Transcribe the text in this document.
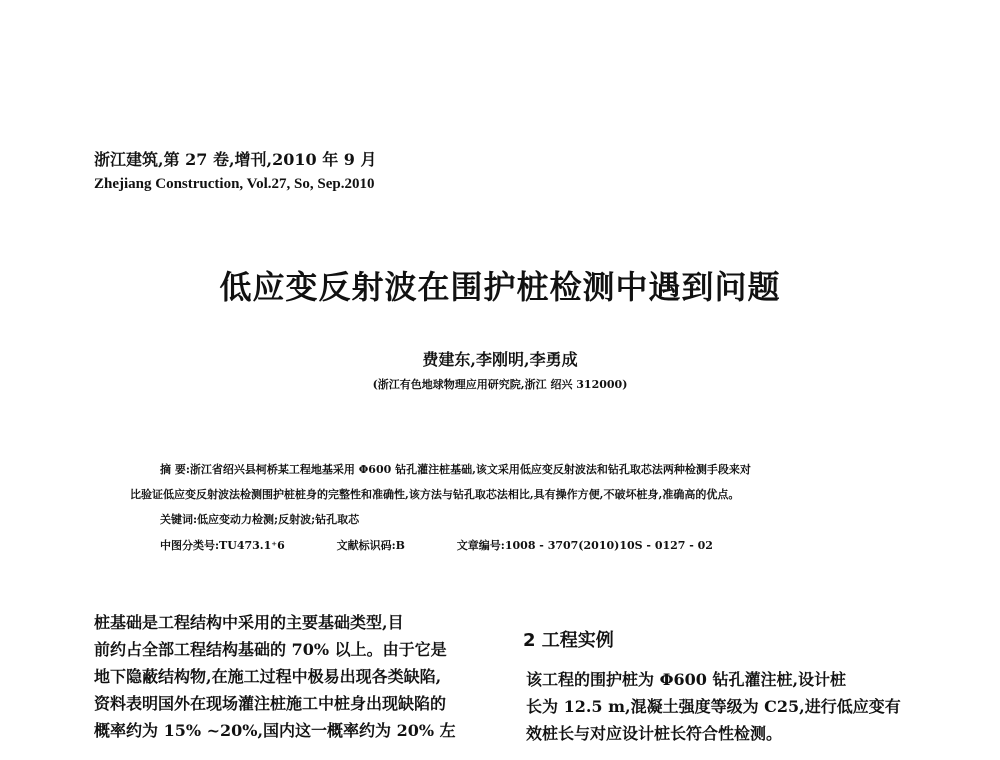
浙江建筑,第 27 卷,增刊,2010 年 9 月
Zhejiang Construction, Vol.27, So, Sep.2010
低应变反射波在围护桩检测中遇到问题
费建东,李刚明,李勇成
(浙江有色地球物理应用研究院,浙江 绍兴 312000)
摘 要:浙江省绍兴县柯桥某工程地基采用 Φ600 钻孔灌注桩基础,该文采用低应变反射波法和钻孔取芯法两种检测手段来对
比验证低应变反射波法检测围护桩桩身的完整性和准确性,该方法与钻孔取芯法相比,具有操作方便,不破坏桩身,准确高的优点。
关键词:低应变动力检测;反射波;钻孔取芯
中图分类号:TU473.1⁺6	文献标识码:B	文章编号:1008 - 3707(2010)10S - 0127 - 02

桩基础是工程结构中采用的主要基础类型,目

前约占全部工程结构基础的 70% 以上。由于它是

地下隐蔽结构物,在施工过程中极易出现各类缺陷,

资料表明国外在现场灌注桩施工中桩身出现缺陷的

概率约为 15% ~20%,国内这一概率约为 20% 左

2 工程实例

该工程的围护桩为 Φ600 钻孔灌注桩,设计桩

长为 12.5 m,混凝土强度等级为 C25,进行低应变有

效桩长与对应设计桩长符合性检测。
